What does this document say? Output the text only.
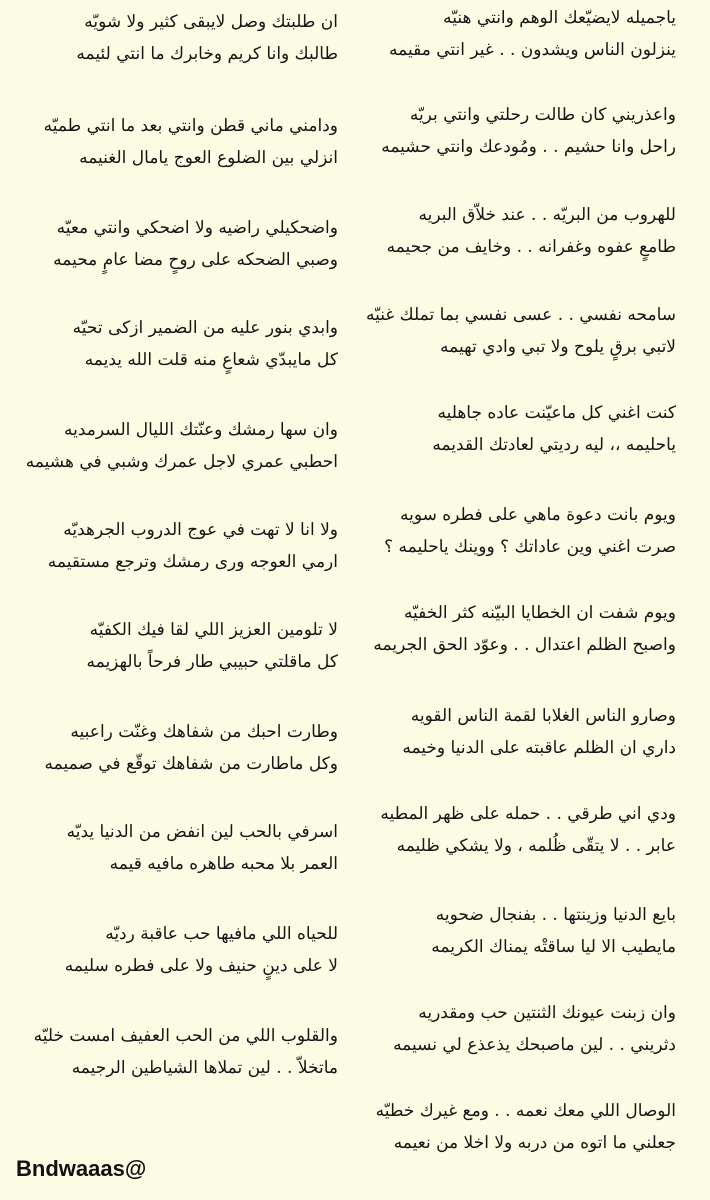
ياجميله لايضيّعك الوهم وانتي هنيّه
ينزلون الناس ويشدون . . غير انتي مقيمه
واعذريني كان طالت رحلتي وانتي بريّه
راحل وانا حشيم . . ومُودعك وانتي حشيمه
للهروب من البريّه . . عند خلاّق البريه
طامعٍ عفوه وغفرانه . . وخايف من جحيمه
سامحه نفسي . . عسى نفسي بما تملك غنيّه
لاتبي برقٍ يلوح ولا تبي وادي تهيمه
كنت اغني كل ماعيّنت عاده جاهليه
ياحليمه ،، ليه رديتي لعادتك القديمه
ويوم بانت دعوة ماهي على فطره سويه
صرت اغني وين عاداتك ؟ ووينك ياحليمه ؟
ويوم شفت ان الخطايا البيّنه كثر الخفيّه
واصبح الظلم اعتدال . . وعوّد الحق الجريمه
وصارو الناس الغلابا لقمة الناس القويه
داري ان الظلم عاقبته على الدنيا وخيمه
ودي اني طرقي . . حمله على ظهر المطيه
عابر . . لا يتقّى ظُلمه ، ولا يشكي ظليمه
بايع الدنيا وزينتها . . بفنجال ضحويه
مايطيب الا ليا ساقتْه يمناك الكريمه
وان زبنت عيونك الثنتين حب ومقدريه
دثريني . . لين ماصبحك يذعذع لي نسيمه
الوصال اللي معك نعمه . . ومع غيرك خطيّه
جعلني ما اتوه من دربه ولا اخلا من نعيمه
ان طلبتك وصل لايبقى كثير ولا شويّه
طالبك وانا كريم وخابرك ما انتي لئيمه
ودامني ماني قطن وانتي بعد ما انتي طميّه
انزلي بين الضلوع العوج يامال الغنيمه
واضحكيلي راضيه ولا اضحكي وانتي معيّه
وصبي الضحكه على روحٍ مضا عامٍ محيمه
وابدي بنور عليه من الضمير ازكى تحيّه
كل مايبدّي شعاعٍ منه قلت الله يديمه
وان سها رمشك وعنّتك الليال السرمديه
احطبي عمري لاجل عمرك وشبي في هشيمه
ولا انا لا تهت في عوج الدروب الجرهديّه
ارمي العوجه ورى رمشك وترجع مستقيمه
لا تلومين العزيز اللي لقا فيك الكفيّه
كل ماقلتي حبيبي طار فرحاً بالهزيمه
وطارت احبك من شفاهك وغنّت راعبيه
وكل ماطارت من شفاهك توقّع في صميمه
اسرفي بالحب لين انفض من الدنيا يديّه
العمر بلا محبه طاهره مافيه قيمه
للحياه اللي مافيها حب عاقبة رديّه
لا على دينٍ حنيف ولا على فطره سليمه
والقلوب اللي من الحب العفيف امست خليّه
ماتخلاّ . . لين تملاها الشياطين الرجيمه
Bndwaaas@
